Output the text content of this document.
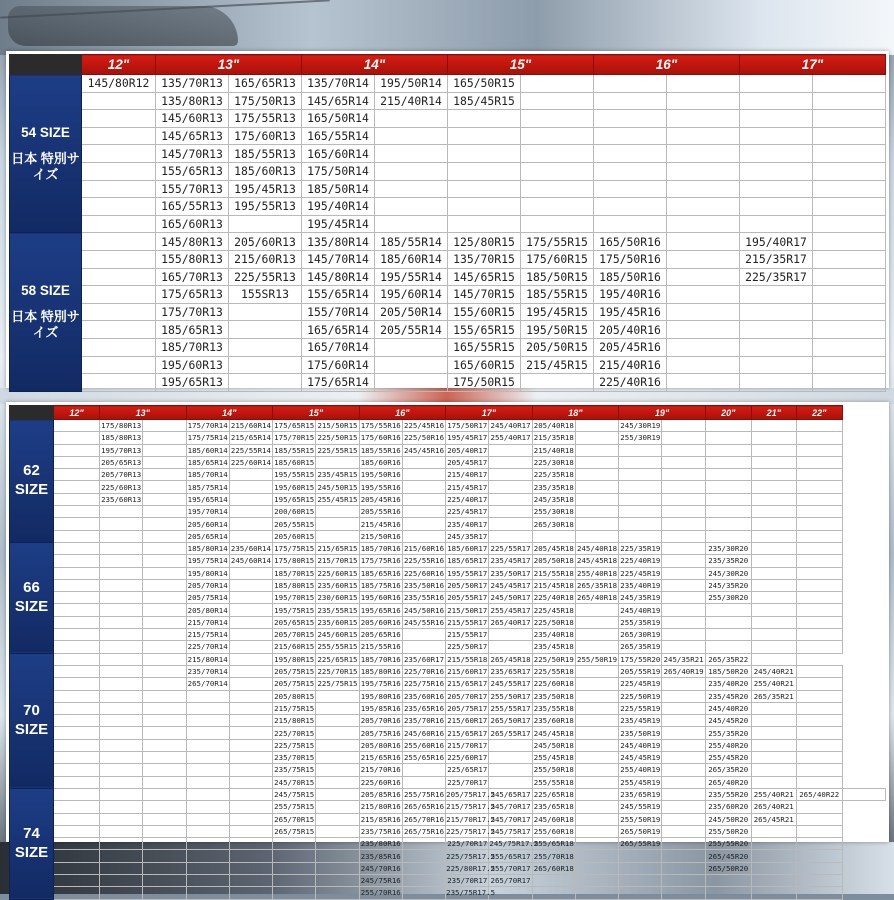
	12"	13"		14"		15"		16"		17"	
54 SIZE
日本 特別サイズ	145/80R12	135/70R13	165/65R13	135/70R14	195/50R14	165/50R15					
		135/80R13	175/50R13	145/65R14	215/40R14	185/45R15					
		145/60R13	175/55R13	165/50R14							
		145/65R13	175/60R13	165/55R14							
		145/70R13	185/55R13	165/60R14							
		155/65R13	185/60R13	175/50R14							
		155/70R13	195/45R13	185/50R14							
		165/55R13	195/55R13	195/40R14							
		165/60R13		195/45R14							
58 SIZE
日本 特別サイズ		145/80R13	205/60R13	135/80R14	185/55R14	125/80R15	175/55R15	165/50R16		195/40R17	
		155/80R13	215/60R13	145/70R14	185/60R14	135/70R15	175/60R15	175/50R16		215/35R17	
		165/70R13	225/55R13	145/80R14	195/55R14	145/65R15	185/50R15	185/50R16		225/35R17	
		175/65R13	155SR13	155/65R14	195/60R14	145/70R15	185/55R15	195/40R16			
		175/70R13		155/70R14	205/50R14	155/60R15	195/45R15	195/45R16			
		185/65R13		165/65R14	205/55R14	155/65R15	195/50R15	205/40R16			
		185/70R13		165/70R14		165/55R15	205/50R15	205/45R16			
		195/60R13		175/60R14		165/60R15	215/45R15	215/40R16			
		195/65R13		175/65R14		175/50R15		225/40R16			
	12"	13"		14"		15"		16"		17"		18"		19"		20"	21"	22"	
62 SIZE		175/80R13		175/70R14	215/60R14	175/65R15	215/50R15	175/55R16	225/45R16	175/50R17	245/40R17	205/40R18		245/30R19					
		185/80R13		175/75R14	215/65R14	175/70R15	225/50R15	175/60R16	225/50R16	195/45R17	255/40R17	215/35R18		255/30R19					
		195/70R13		185/60R14	225/55R14	185/55R15	225/55R15	185/55R16	245/45R16	205/40R17		215/40R18							
		205/65R13		185/65R14	225/60R14	185/60R15		185/60R16		205/45R17		225/30R18							
		205/70R13		185/70R14		195/55R15	235/45R15	195/50R16		215/40R17		225/35R18							
		225/60R13		185/75R14		195/60R15	245/50R15	195/55R16		215/45R17		235/35R18							
		235/60R13		195/65R14		195/65R15	255/45R15	205/45R16		225/40R17		245/35R18							
				195/70R14		200/60R15		205/55R16		225/45R17		255/30R18							
				205/60R14		205/55R15		215/45R16		235/40R17		265/30R18							
				205/65R14		205/60R15		215/50R16		245/35R17									
66 SIZE				185/80R14	235/60R14	175/75R15	215/65R15	185/70R16	215/60R16	185/60R17	225/55R17	205/45R18	245/40R18	225/35R19		235/30R20			
				195/75R14	245/60R14	175/80R15	215/70R15	175/75R16	225/55R16	185/65R17	235/45R17	205/50R18	245/45R18	225/40R19		235/35R20			
				195/80R14		185/70R15	225/60R15	185/65R16	225/60R16	195/55R17	235/50R17	215/55R18	255/40R18	225/45R19		245/30R20			
				205/70R14		185/80R15	235/60R15	185/75R16	235/50R16	205/50R17	245/45R17	215/45R18	265/35R18	235/40R19		245/35R20			
				205/75R14		195/70R15	230/60R15	195/60R16	235/55R16	205/55R17	245/50R17	225/40R18	265/40R18	245/35R19		255/30R20			
				205/80R14		195/75R15	235/55R15	195/65R16	245/50R16	215/50R17	255/45R17	225/45R18		245/40R19					
				215/70R14		205/65R15	235/60R15	205/60R16	245/55R16	215/55R17	265/40R17	225/50R18		255/35R19					
				215/75R14		205/70R15	245/60R15	205/65R16		215/55R17		235/40R18		265/30R19					
				225/70R14		215/60R15	255/55R15	215/55R16		225/50R17		235/45R18		265/35R19					
70 SIZE				215/80R14		195/80R15	225/65R15	185/70R16	235/60R17	215/55R18	265/45R18	225/50R19	255/50R19	175/55R20	245/35R21	265/35R22			
				235/70R14		205/75R15	225/70R15	185/80R16	225/70R16	215/60R17	235/65R17	225/55R18		205/55R19	265/40R19	185/50R20	245/40R21		
				265/70R14		205/75R15	225/75R15	195/75R16	225/75R16	215/65R17	245/55R17	225/60R18		225/45R19		235/40R20	255/40R21		
						205/80R15		195/80R16	235/60R16	205/70R17	255/50R17	235/50R18		225/50R19		235/45R20	265/35R21		
						215/75R15		195/85R16	235/65R16	205/75R17	255/55R17	235/55R18		225/55R19		245/40R20			
						215/80R15		205/70R16	235/70R16	215/60R17	265/50R17	235/60R18		235/45R19		245/45R20			
						225/70R15		205/75R16	245/60R16	215/65R17	265/55R17	245/45R18		235/50R19		255/35R20			
						225/75R15		205/80R16	255/60R16	215/70R17		245/50R18		245/40R19		255/40R20			
						235/70R15		215/65R16	255/65R16	225/60R17		255/45R18		245/45R19		255/45R20			
						235/75R15		215/70R16		225/65R17		255/50R18		255/40R19		265/35R20			
						245/70R15		225/60R16		225/70R17		255/55R18		255/45R19		265/40R20			
74 SIZE						245/75R15		205/85R16	255/75R16	205/75R17.5	245/65R17	225/65R18		235/65R19		235/55R20	255/40R21	265/40R22	
						255/75R15		215/80R16	265/65R16	215/75R17.5	245/70R17	235/65R18		245/55R19		235/60R20	265/40R21		
						265/70R15		215/85R16	265/70R16	215/70R17.5	245/70R17	245/60R18		255/50R19		245/50R20	265/45R21		
						265/75R15		235/75R16	265/75R16	225/75R17.5	245/75R17	255/60R18		265/50R19		255/50R20			
								235/80R16		225/70R17	245/75R17.5	255/65R18		265/55R19		255/55R20			
								235/85R16		225/75R17.5	255/65R17	255/70R18				265/45R20			
								245/70R16		225/80R17.5	255/70R17	265/60R18				265/50R20			
								245/75R16		235/70R17	265/70R17								
								255/70R16		235/75R17.5									
